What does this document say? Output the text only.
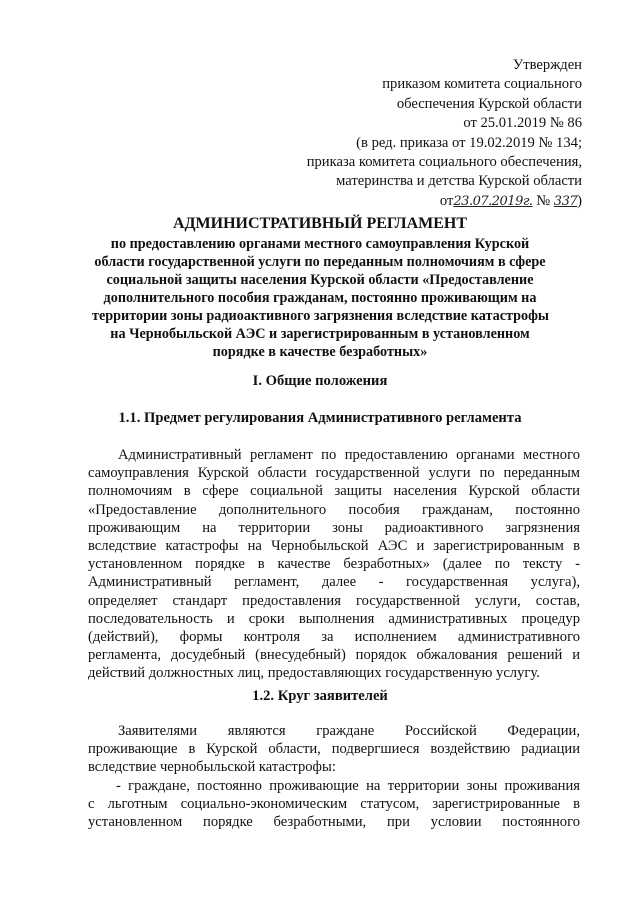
Утвержден
приказом комитета социального
обеспечения Курской области
от 25.01.2019 № 86
(в ред. приказа от 19.02.2019 № 134;
приказа комитета социального обеспечения,
материнства и детства Курской области
от23.07.2019г. № 337)
АДМИНИСТРАТИВНЫЙ РЕГЛАМЕНТ
по предоставлению органами местного самоуправления Курской
области государственной услуги по переданным полномочиям в сфере
социальной защиты населения Курской области «Предоставление
дополнительного пособия гражданам, постоянно проживающим на
территории зоны радиоактивного загрязнения вследствие катастрофы
на Чернобыльской АЭС и зарегистрированным в установленном
порядке в качестве безработных»
I. Общие положения
1.1. Предмет регулирования Административного регламента
Административный регламент по предоставлению органами местного
самоуправления Курской области государственной услуги по переданным
полномочиям в сфере социальной защиты населения Курской области
«Предоставление дополнительного пособия гражданам, постоянно
проживающим на территории зоны радиоактивного загрязнения
вследствие катастрофы на Чернобыльской АЭС и зарегистрированным в
установленном порядке в качестве безработных» (далее по тексту -
Административный регламент, далее - государственная услуга),
определяет стандарт предоставления государственной услуги, состав,
последовательность и сроки выполнения административных процедур
(действий), формы контроля за исполнением административного
регламента, досудебный (внесудебный) порядок обжалования решений и
действий должностных лиц, предоставляющих государственную услугу.
1.2. Круг заявителей
Заявителями являются граждане Российской Федерации,
проживающие в Курской области, подвергшиеся воздействию радиации
вследствие чернобыльской катастрофы:
- граждане, постоянно проживающие на территории зоны проживания
с льготным социально-экономическим статусом, зарегистрированные в
установленном порядке безработными, при условии постоянного
